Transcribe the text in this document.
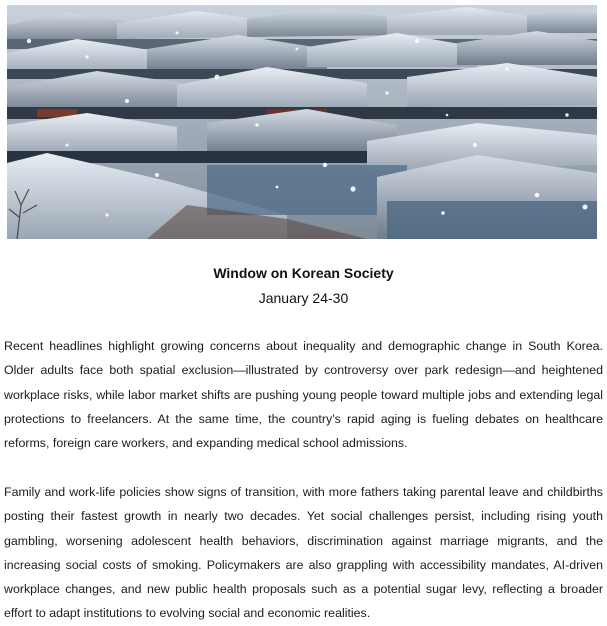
Window on Korean Society
January 24-30

Recent headlines highlight growing concerns about inequality and demographic change in South Korea. Older adults face both spatial exclusion—illustrated by controversy over park redesign—and heightened workplace risks, while labor market shifts are pushing young people toward multiple jobs and extending legal protections to freelancers. At the same time, the country’s rapid aging is fueling debates on healthcare reforms, foreign care workers, and expanding medical school admissions.

Family and work-life policies show signs of transition, with more fathers taking parental leave and childbirths posting their fastest growth in nearly two decades. Yet social challenges persist, including rising youth gambling, worsening adolescent health behaviors, discrimination against marriage migrants, and the increasing social costs of smoking. Policymakers are also grappling with accessibility mandates, AI-driven workplace changes, and new public health proposals such as a potential sugar levy, reflecting a broader effort to adapt institutions to evolving social and economic realities.
